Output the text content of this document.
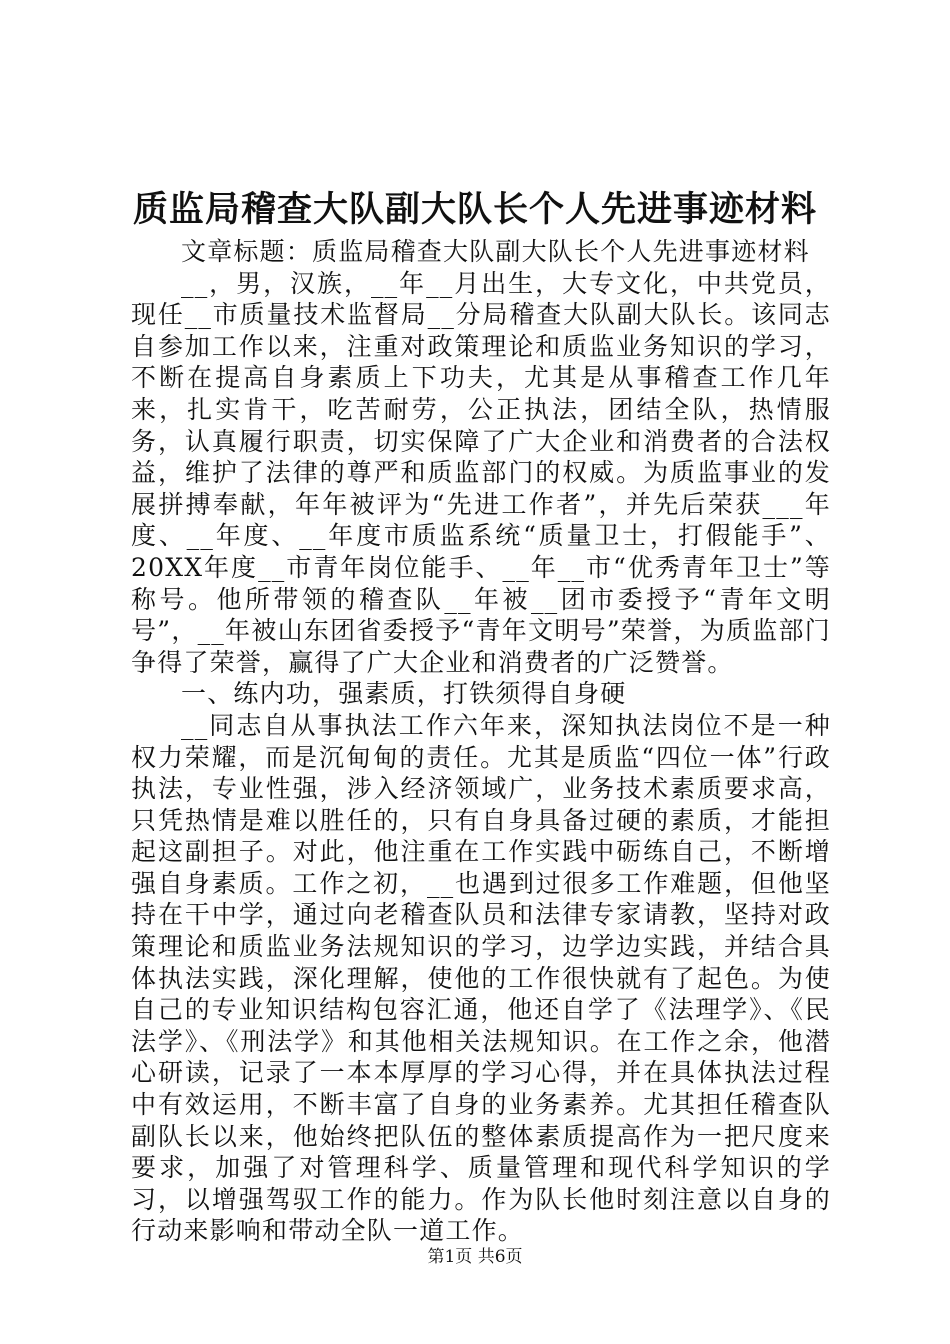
质监局稽查大队副大队长个人先进事迹材料

文章标题：质监局稽查大队副大队长个人先进事迹材料

__，男，汉族，__年__月出生，大专文化，中共党员，现任__市质量技术监督局__分局稽查大队副大队长。该同志自参加工作以来，注重对政策理论和质监业务知识的学习，不断在提高自身素质上下功夫，尤其是从事稽查工作几年来，扎实肯干，吃苦耐劳，公正执法，团结全队，热情服务，认真履行职责，切实保障了广大企业和消费者的合法权益，维护了法律的尊严和质监部门的权威。为质监事业的发展拼搏奉献，年年被评为“先进工作者”，并先后荣获___年度、__年度、__年度市质监系统“质量卫士，打假能手”、20XX年度__市青年岗位能手、__年__市“优秀青年卫士”等称号。他所带领的稽查队__年被__团市委授予“青年文明号”，__年被山东团省委授予“青年文明号”荣誉，为质监部门争得了荣誉，赢得了广大企业和消费者的广泛赞誉。

一、练内功，强素质，打铁须得自身硬

__同志自从事执法工作六年来，深知执法岗位不是一种权力荣耀，而是沉甸甸的责任。尤其是质监“四位一体”行政执法，专业性强，涉入经济领域广，业务技术素质要求高，只凭热情是难以胜任的，只有自身具备过硬的素质，才能担起这副担子。对此，他注重在工作实践中砺练自己，不断增强自身素质。工作之初，__也遇到过很多工作难题，但他坚持在干中学，通过向老稽查队员和法律专家请教，坚持对政策理论和质监业务法规知识的学习，边学边实践，并结合具体执法实践，深化理解，使他的工作很快就有了起色。为使自己的专业知识结构包容汇通，他还自学了《法理学》、《民法学》、《刑法学》和其他相关法规知识。在工作之余，他潜心研读，记录了一本本厚厚的学习心得，并在具体执法过程中有效运用，不断丰富了自身的业务素养。尤其担任稽查队副队长以来，他始终把队伍的整体素质提高作为一把尺度来要求，加强了对管理科学、质量管理和现代科学知识的学习，以增强驾驭工作的能力。作为队长他时刻注意以自身的行动来影响和带动全队一道工作。

第1页 共6页
